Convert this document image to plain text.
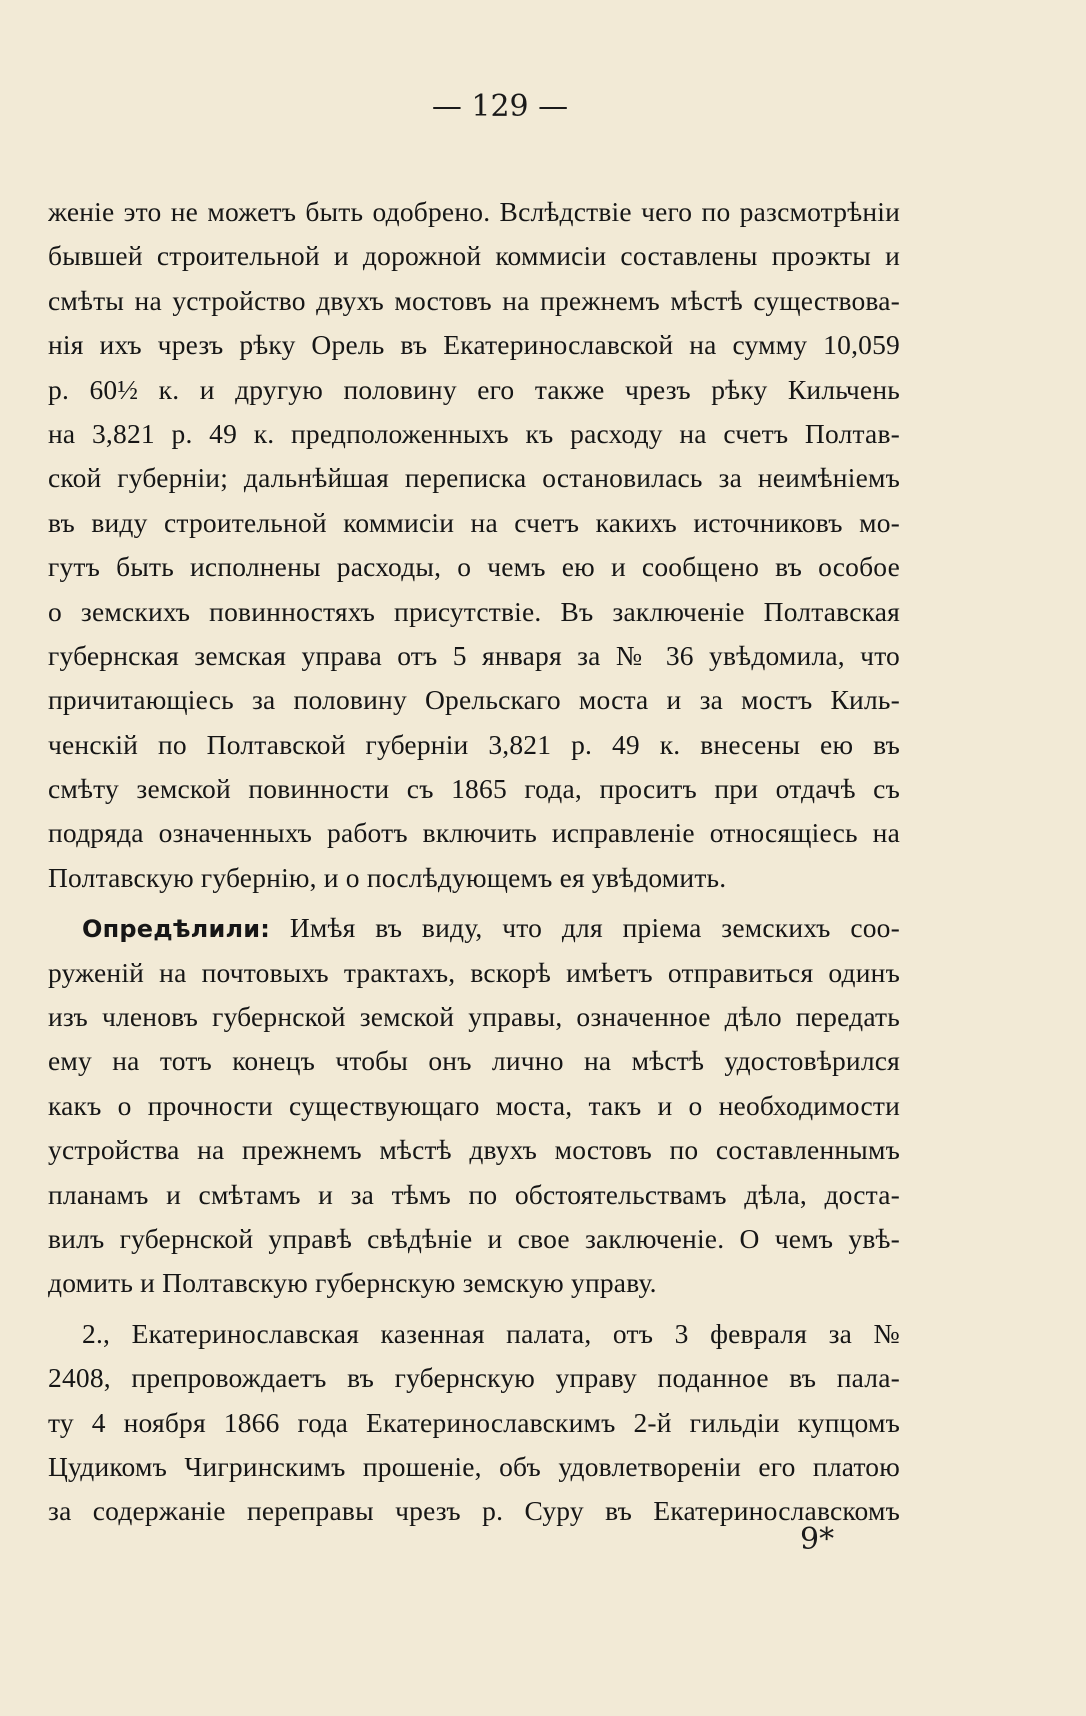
— 129 —
женіе это не можетъ быть одобрено. Вслѣдствіе чего по разсмотрѣніи
бывшей строительной и дорожной коммисіи составлены проэкты и
смѣты на устройство двухъ мостовъ на прежнемъ мѣстѣ существова-
нія ихъ чрезъ рѣку Орель въ Екатеринославской на сумму 10,059
р. 60½ к. и другую половину его также чрезъ рѣку Кильчень
на 3,821 р. 49 к. предположенныхъ къ расходу на счетъ Полтав-
ской губерніи; дальнѣйшая переписка остановилась за неимѣніемъ
въ виду строительной коммисіи на счетъ какихъ источниковъ мо-
гутъ быть исполнены расходы, о чемъ ею и сообщено въ особое
о земскихъ повинностяхъ присутствіе. Въ заключеніе Полтавская
губернская земская управа отъ 5 января за № 36 увѣдомила, что
причитающіесь за половину Орельскаго моста и за мостъ Киль-
ченскій по Полтавской губерніи 3,821 р. 49 к. внесены ею въ
смѣту земской повинности съ 1865 года, проситъ при отдачѣ съ
подряда означенныхъ работъ включить исправленіе относящіесь на
Полтавскую губернію, и о послѣдующемъ ея увѣдомить.
Опредѣлили: Имѣя въ виду, что для пріема земскихъ соо-
руженій на почтовыхъ трактахъ, вскорѣ имѣетъ отправиться одинъ
изъ членовъ губернской земской управы, означенное дѣло передать
ему на тотъ конецъ чтобы онъ лично на мѣстѣ удостовѣрился
какъ о прочности существующаго моста, такъ и о необходимости
устройства на прежнемъ мѣстѣ двухъ мостовъ по составленнымъ
планамъ и смѣтамъ и за тѣмъ по обстоятельствамъ дѣла, доста-
вилъ губернской управѣ свѣдѣніе и свое заключеніе. О чемъ увѣ-
домить и Полтавскую губернскую земскую управу.
2., Екатеринославская казенная палата, отъ 3 февраля за №
2408, препровождаетъ въ губернскую управу поданное въ пала-
ту 4 ноября 1866 года Екатеринославскимъ 2-й гильдіи купцомъ
Цудикомъ Чигринскимъ прошеніе, объ удовлетвореніи его платою
за содержаніе переправы чрезъ р. Суру въ Екатеринославскомъ
9*
